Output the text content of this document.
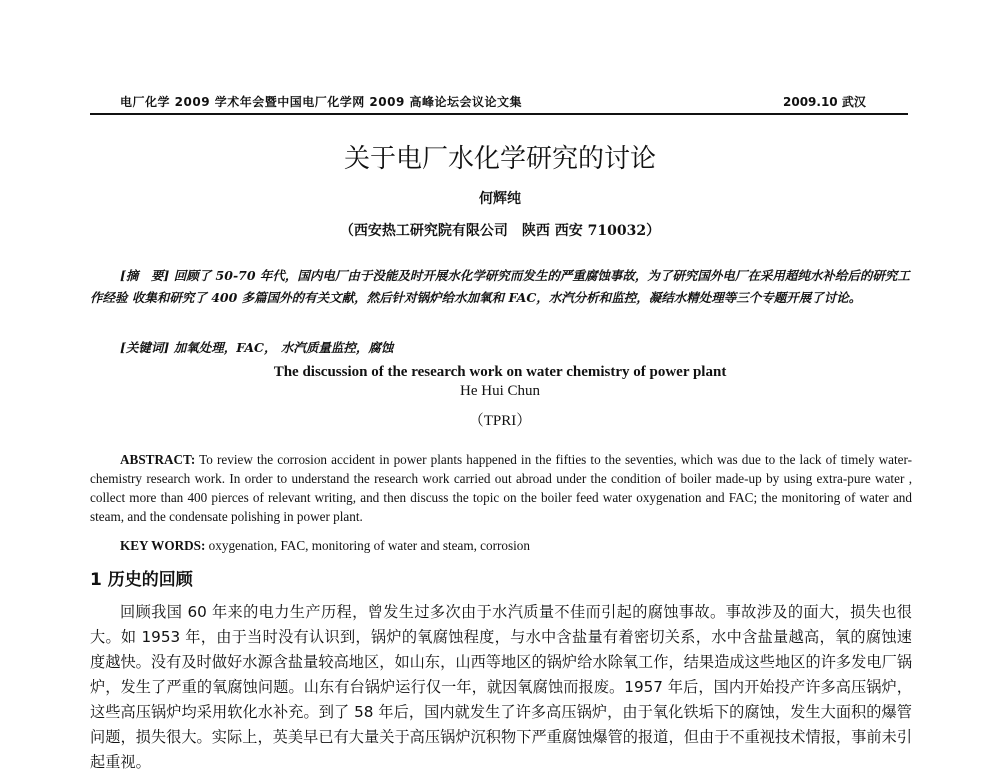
电厂化学 2009 学术年会暨中国电厂化学网 2009 高峰论坛会议论文集	2009.10 武汉
关于电厂水化学研究的讨论
何辉纯
（西安热工研究院有限公司　陕西 西安 710032）
[摘　要] 回顾了 50-70 年代，国内电厂由于没能及时开展水化学研究而发生的严重腐蚀事故，为了研究国外电厂在采用超纯水补给后的研究工作经验 收集和研究了 400 多篇国外的有关文献，然后针对锅炉给水加氧和 FAC，水汽分析和监控，凝结水精处理等三个专题开展了讨论。
[关键词] 加氧处理，FAC， 水汽质量监控，腐蚀
The discussion of the research work on water chemistry of power plant
He Hui Chun
（TPRI）
ABSTRACT: To review the corrosion accident in power plants happened in the fifties to the seventies, which was due to the lack of timely water-chemistry research work. In order to understand the research work carried out abroad under the condition of boiler made-up by using extra-pure water , collect more than 400 pierces of relevant writing, and then discuss the topic on the boiler feed water oxygenation and FAC; the monitoring of water and steam, and the condensate polishing in power plant.
KEY WORDS: oxygenation, FAC, monitoring of water and steam, corrosion
1 历史的回顾
回顾我国 60 年来的电力生产历程，曾发生过多次由于水汽质量不佳而引起的腐蚀事故。事故涉及的面大，损失也很大。如 1953 年，由于当时没有认识到，锅炉的氧腐蚀程度，与水中含盐量有着密切关系，水中含盐量越高，氧的腐蚀速度越快。没有及时做好水源含盐量较高地区，如山东，山西等地区的锅炉给水除氧工作，结果造成这些地区的许多发电厂锅炉，发生了严重的氧腐蚀问题。山东有台锅炉运行仅一年，就因氧腐蚀而报废。1957 年后，国内开始投产许多高压锅炉，这些高压锅炉均采用软化水补充。到了 58 年后，国内就发生了许多高压锅炉，由于氧化铁垢下的腐蚀，发生大面积的爆管问题，损失很大。实际上，英美早已有大量关于高压锅炉沉积物下严重腐蚀爆管的报道，但由于不重视技术情报，事前未引起重视。
